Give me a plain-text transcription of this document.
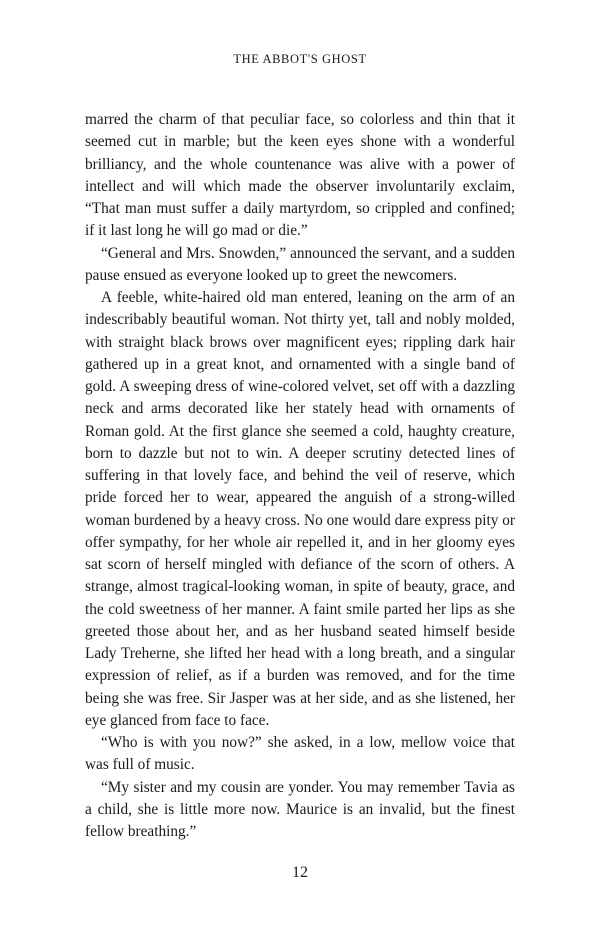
THE ABBOT'S GHOST

marred the charm of that peculiar face, so colorless and thin that it seemed cut in marble; but the keen eyes shone with a wonderful brilliancy, and the whole countenance was alive with a power of intellect and will which made the observer involuntarily exclaim, “That man must suffer a daily martyrdom, so crippled and confined; if it last long he will go mad or die.”

“General and Mrs. Snowden,” announced the servant, and a sudden pause ensued as everyone looked up to greet the newcomers.

A feeble, white-haired old man entered, leaning on the arm of an indescribably beautiful woman. Not thirty yet, tall and nobly molded, with straight black brows over magnificent eyes; rippling dark hair gathered up in a great knot, and ornamented with a single band of gold. A sweeping dress of wine-colored velvet, set off with a dazzling neck and arms decorated like her stately head with ornaments of Roman gold. At the first glance she seemed a cold, haughty creature, born to dazzle but not to win. A deeper scrutiny detected lines of suffering in that lovely face, and behind the veil of reserve, which pride forced her to wear, appeared the anguish of a strong-willed woman burdened by a heavy cross. No one would dare express pity or offer sympathy, for her whole air repelled it, and in her gloomy eyes sat scorn of herself mingled with defiance of the scorn of others. A strange, almost tragical-looking woman, in spite of beauty, grace, and the cold sweetness of her manner. A faint smile parted her lips as she greeted those about her, and as her husband seated himself beside Lady Treherne, she lifted her head with a long breath, and a singular expression of relief, as if a burden was removed, and for the time being she was free. Sir Jasper was at her side, and as she listened, her eye glanced from face to face.

“Who is with you now?” she asked, in a low, mellow voice that was full of music.

“My sister and my cousin are yonder. You may remember Tavia as a child, she is little more now. Maurice is an invalid, but the finest fellow breathing.”

12
